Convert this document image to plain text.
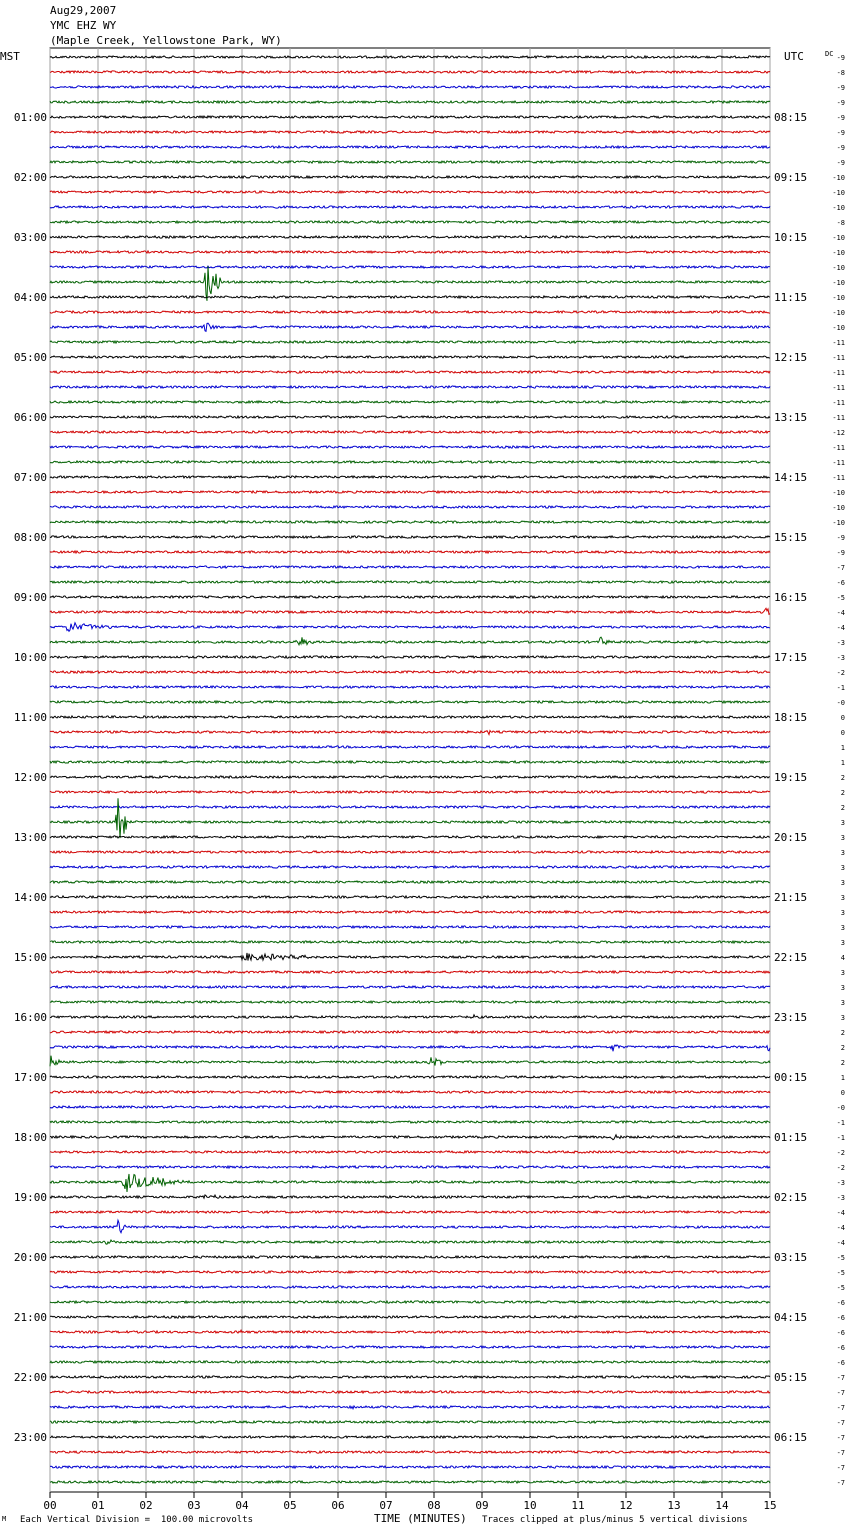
Aug29,2007
YMC EHZ WY
(Maple Creek, Yellowstone Park, WY)
00	01	02	03	04	05	06	07	08	09	10	11	12	13	14	15
-9
-8
-9
-9
-9
01:00	08:15
-9
-9
-9
-10
02:00	09:15
-10
-10
-8
-10
03:00	10:15
-10
-10
-10
-10
04:00	11:15
-10
-10
-11
-11
05:00	12:15
-11
-11
-11
-11
06:00	13:15
-12
-11
-11
-11
07:00	14:15
-10
-10
-10
-9
08:00	15:15
-9
-7
-6
-5
09:00	16:15
-4
-4
-3
-3
10:00	17:15
-2
-1
-0
0
11:00	18:15
0
1
1
2
12:00	19:15
2
2
3
3
13:00	20:15
3
3
3
3
14:00	21:15
3
3
3
4
15:00	22:15
3
3
3
3
16:00	23:15
2
2
2
1
17:00	00:15
0
-0
-1
-1
18:00	01:15
-2
-2
-3
-3
19:00	02:15
-4
-4
-4
-5
20:00	03:15
-5
-5
-6
-6
21:00	04:15
-6
-6
-6
-7
22:00	05:15
-7
-7
-7
-7
23:00	06:15
-7
-7
-7
MST	UTC	DC
M Each Vertical Division =  100.00 microvolts	TIME (MINUTES) Traces clipped at plus/minus 5 vertical divisions
